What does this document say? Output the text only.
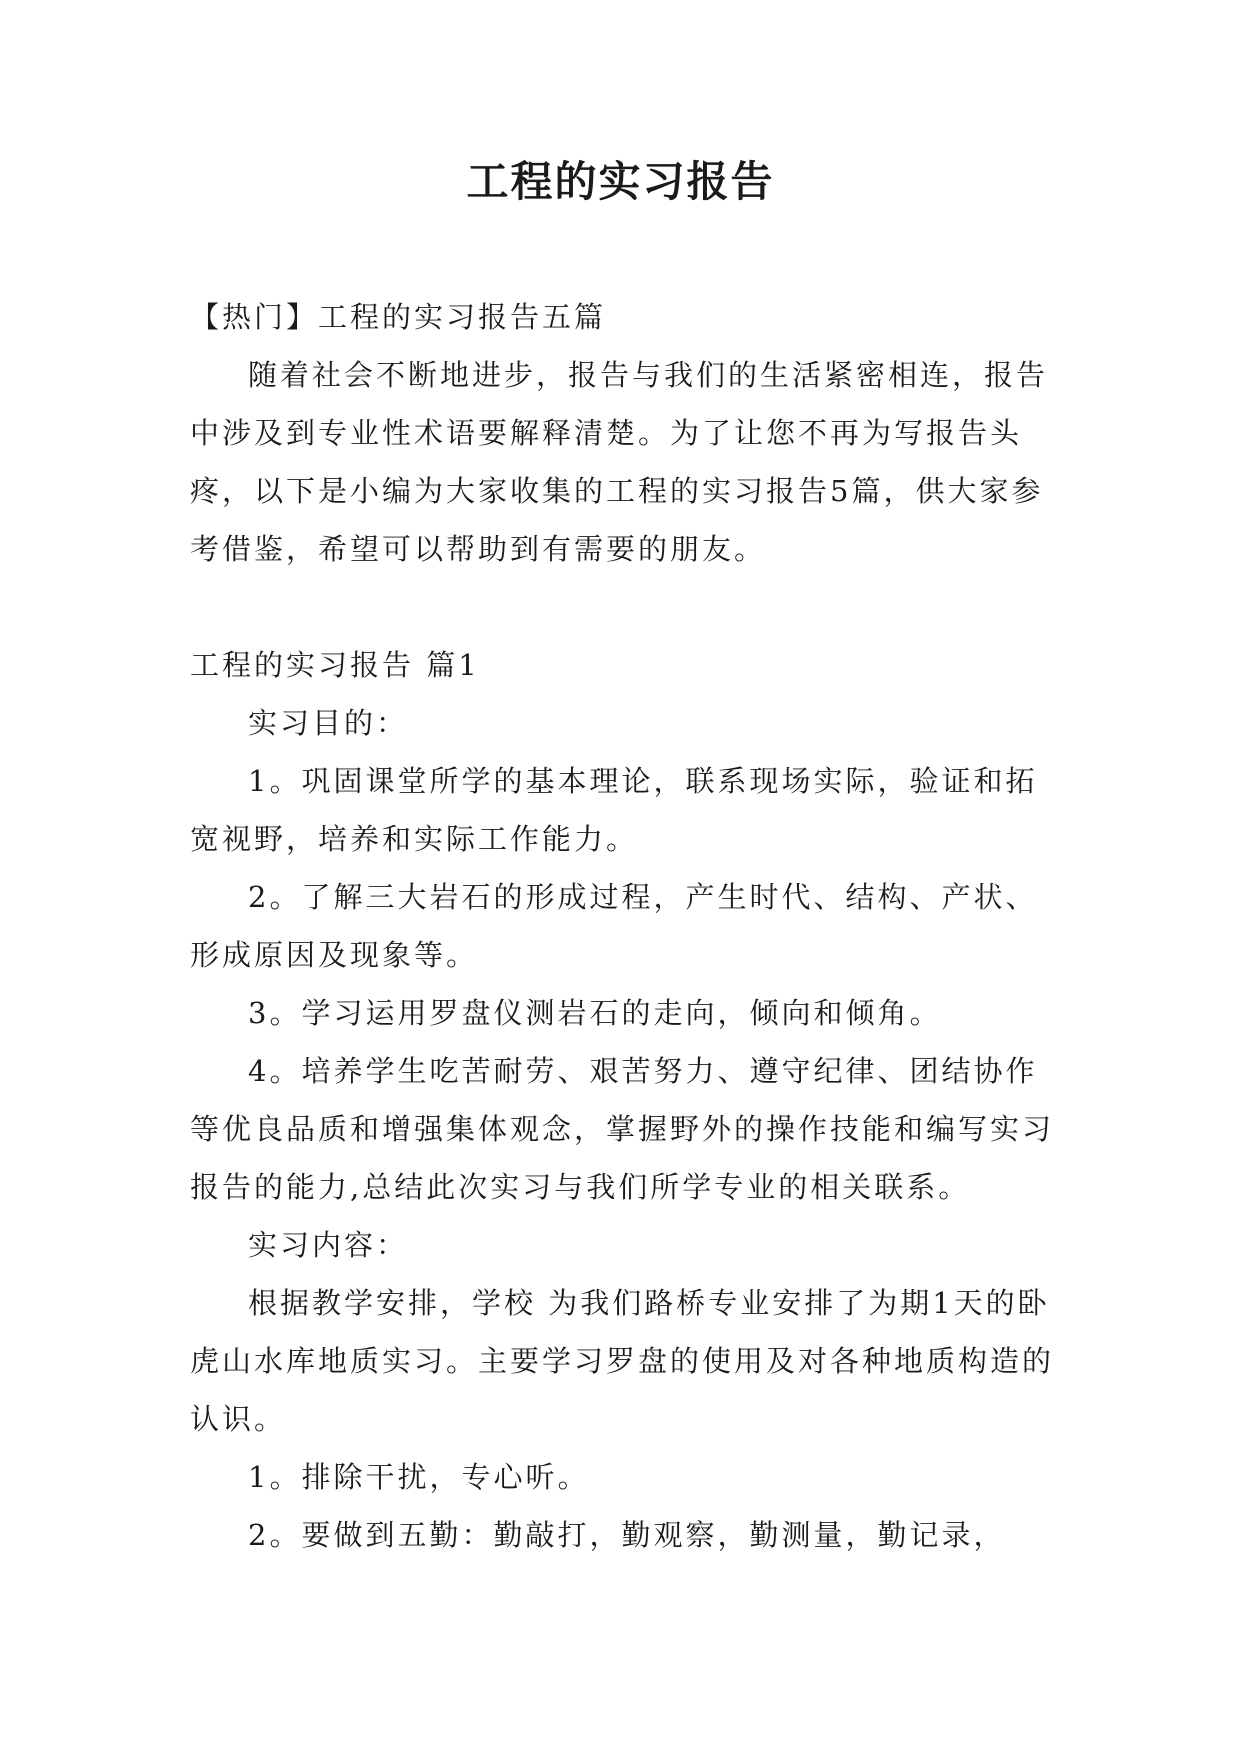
工程的实习报告

【热门】工程的实习报告五篇

随着社会不断地进步，报告与我们的生活紧密相连，报告中涉及到专业性术语要解释清楚。为了让您不再为写报告头疼，以下是小编为大家收集的工程的实习报告5篇，供大家参考借鉴，希望可以帮助到有需要的朋友。

工程的实习报告 篇1

实习目的：

1。巩固课堂所学的基本理论，联系现场实际，验证和拓宽视野，培养和实际工作能力。

2。了解三大岩石的形成过程，产生时代、结构、产状、形成原因及现象等。

3。学习运用罗盘仪测岩石的走向，倾向和倾角。

4。培养学生吃苦耐劳、艰苦努力、遵守纪律、团结协作等优良品质和增强集体观念，掌握野外的操作技能和编写实习报告的能力,总结此次实习与我们所学专业的相关联系。

实习内容：

根据教学安排，学校 为我们路桥专业安排了为期1天的卧虎山水库地质实习。主要学习罗盘的使用及对各种地质构造的认识。

1。排除干扰，专心听。

2。要做到五勤：勤敲打，勤观察，勤测量，勤记录，
